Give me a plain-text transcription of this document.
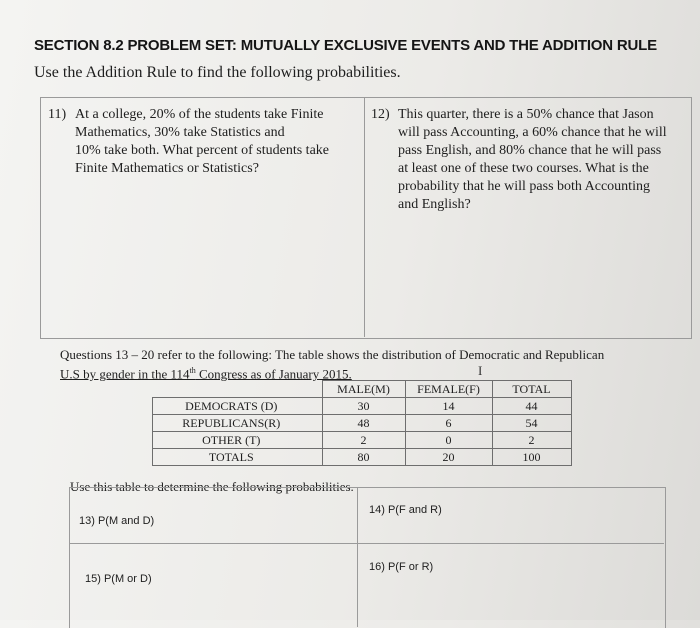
SECTION 8.2 PROBLEM SET: MUTUALLY EXCLUSIVE EVENTS AND THE ADDITION RULE
Use the Addition Rule to find the following probabilities.
11) At a college, 20% of the students take Finite
Mathematics, 30% take Statistics and
10% take both. What percent of students take
Finite Mathematics or Statistics?
12) This quarter, there is a 50% chance that Jason
will pass Accounting, a 60% chance that he will
pass English, and 80% chance that he will pass
at least one of these two courses. What is the
probability that he will pass both Accounting
and English?
Questions 13 – 20 refer to the following: The table shows the distribution of Democratic and Republican
U.S by gender in the 114th Congress as of January 2015.	I
	MALE(M)	FEMALE(F)	TOTAL
DEMOCRATS (D)	30	14	44
REPUBLICANS(R)	48	6	54
OTHER (T)	2	0	2
TOTALS	80	20	100
Use this table to determine the following probabilities.
13) P(M and D)
14) P(F and R)
15) P(M or D)
16) P(F or R)
